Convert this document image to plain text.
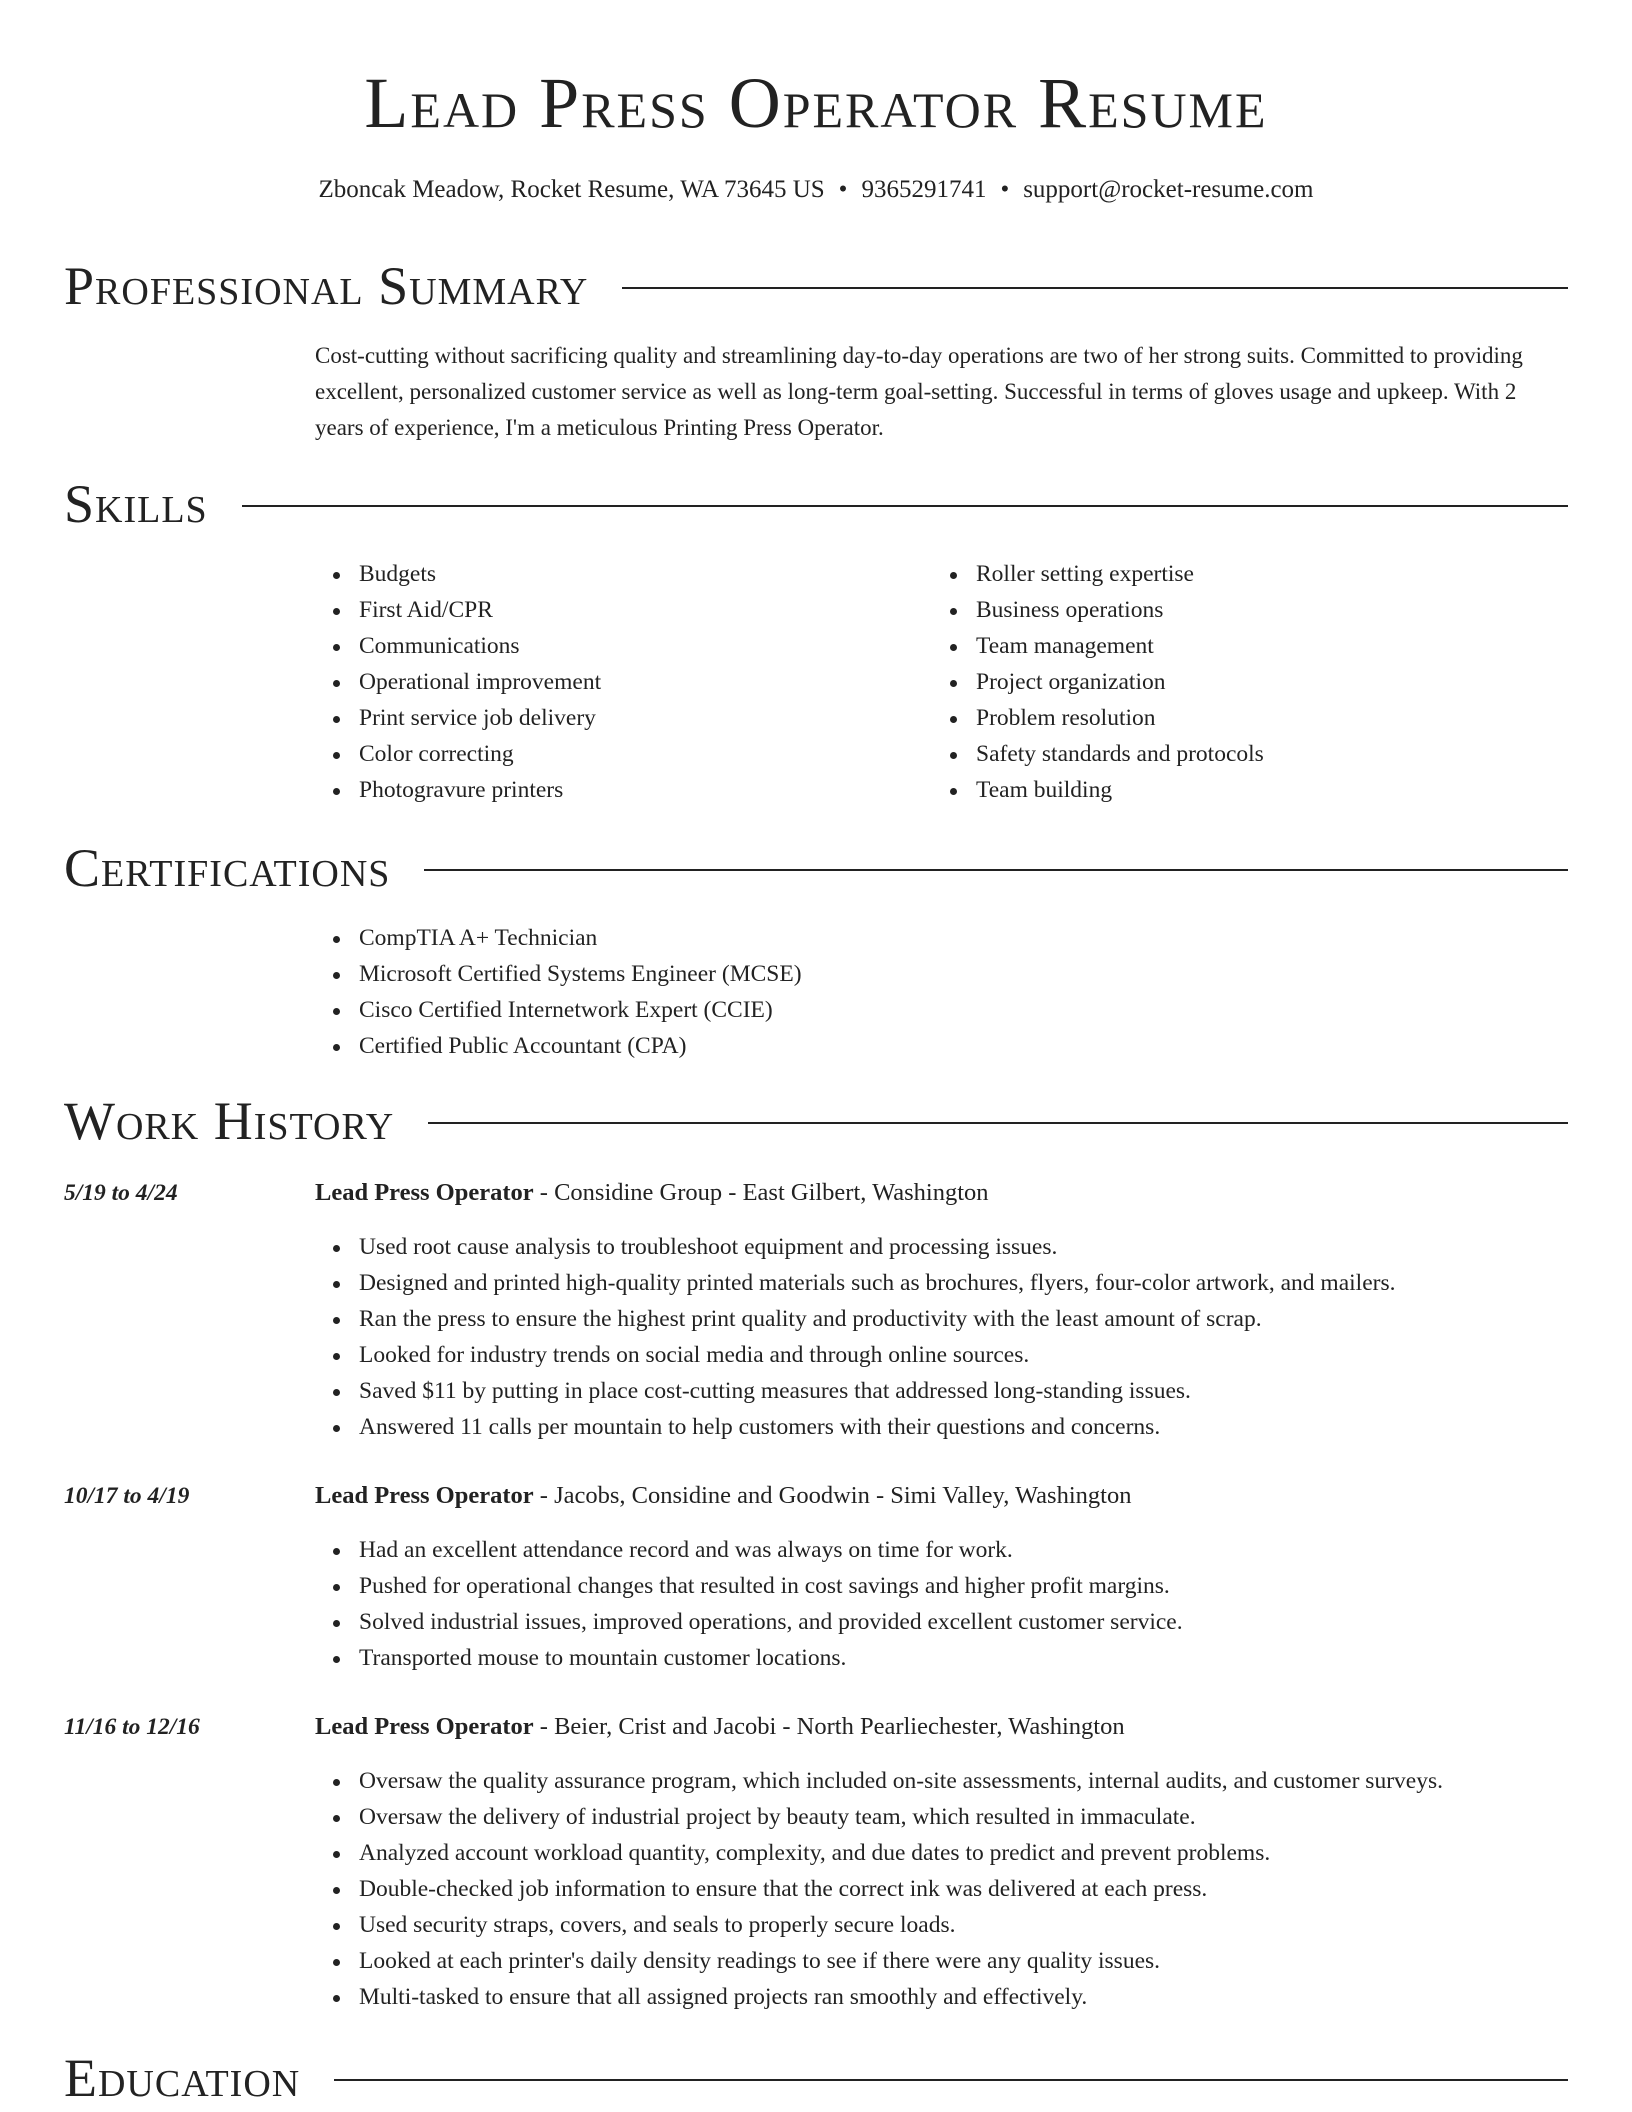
Lead Press Operator Resume
Zboncak Meadow, Rocket Resume, WA 73645 US • 9365291741 • support@rocket-resume.com
Professional Summary
Cost-cutting without sacrificing quality and streamlining day-to-day operations are two of her strong suits. Committed to providing excellent, personalized customer service as well as long-term goal-setting. Successful in terms of gloves usage and upkeep. With 2 years of experience, I'm a meticulous Printing Press Operator.
Skills
Budgets
First Aid/CPR
Communications
Operational improvement
Print service job delivery
Color correcting
Photogravure printers
Roller setting expertise
Business operations
Team management
Project organization
Problem resolution
Safety standards and protocols
Team building
Certifications
CompTIA A+ Technician
Microsoft Certified Systems Engineer (MCSE)
Cisco Certified Internetwork Expert (CCIE)
Certified Public Accountant (CPA)
Work History
5/19 to 4/24	Lead Press Operator - Considine Group - East Gilbert, Washington
Used root cause analysis to troubleshoot equipment and processing issues.
Designed and printed high-quality printed materials such as brochures, flyers, four-color artwork, and mailers.
Ran the press to ensure the highest print quality and productivity with the least amount of scrap.
Looked for industry trends on social media and through online sources.
Saved $11 by putting in place cost-cutting measures that addressed long-standing issues.
Answered 11 calls per mountain to help customers with their questions and concerns.
10/17 to 4/19	Lead Press Operator - Jacobs, Considine and Goodwin - Simi Valley, Washington
Had an excellent attendance record and was always on time for work.
Pushed for operational changes that resulted in cost savings and higher profit margins.
Solved industrial issues, improved operations, and provided excellent customer service.
Transported mouse to mountain customer locations.
11/16 to 12/16	Lead Press Operator - Beier, Crist and Jacobi - North Pearliechester, Washington
Oversaw the quality assurance program, which included on-site assessments, internal audits, and customer surveys.
Oversaw the delivery of industrial project by beauty team, which resulted in immaculate.
Analyzed account workload quantity, complexity, and due dates to predict and prevent problems.
Double-checked job information to ensure that the correct ink was delivered at each press.
Used security straps, covers, and seals to properly secure loads.
Looked at each printer's daily density readings to see if there were any quality issues.
Multi-tasked to ensure that all assigned projects ran smoothly and effectively.
Education
